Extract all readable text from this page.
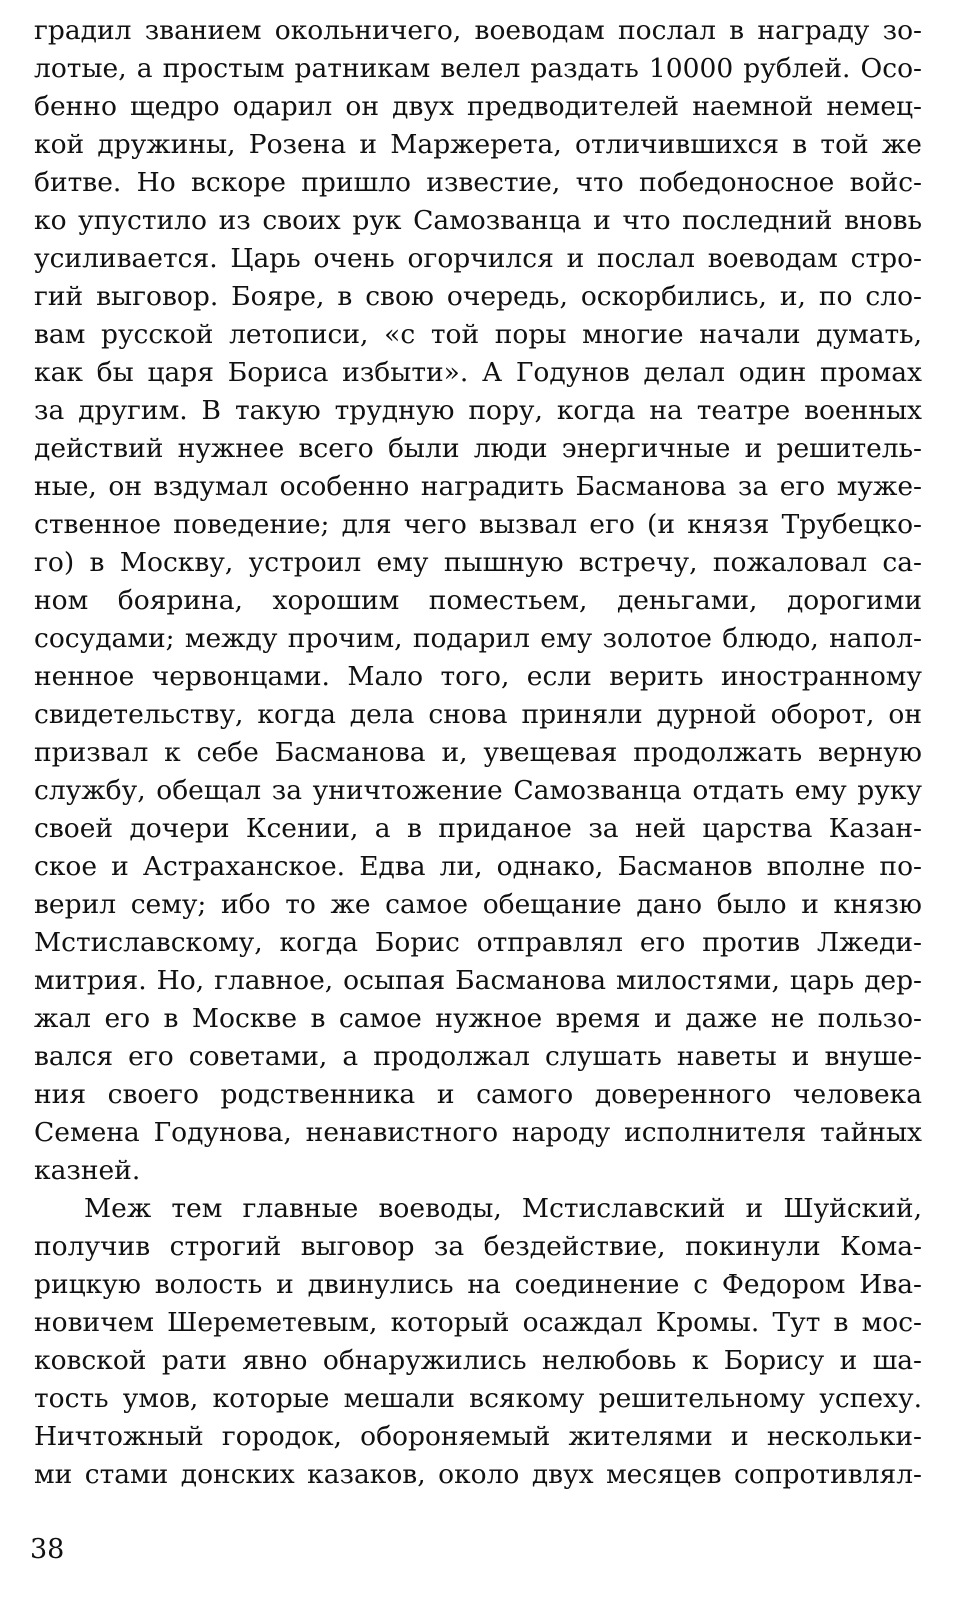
градил званием окольничего, воеводам послал в награду зо-
лотые, а простым ратникам велел раздать 10000 рублей. Осо-
бенно щедро одарил он двух предводителей наемной немец-
кой дружины, Розена и Маржерета, отличившихся в той же
битве. Но вскоре пришло известие, что победоносное войс-
ко упустило из своих рук Самозванца и что последний вновь
усиливается. Царь очень огорчился и послал воеводам стро-
гий выговор. Бояре, в свою очередь, оскорбились, и, по сло-
вам русской летописи, «с той поры многие начали думать,
как бы царя Бориса избыти». А Годунов делал один промах
за другим. В такую трудную пору, когда на театре военных
действий нужнее всего были люди энергичные и решитель-
ные, он вздумал особенно наградить Басманова за его муже-
ственное поведение; для чего вызвал его (и князя Трубецко-
го) в Москву, устроил ему пышную встречу, пожаловал са-
ном боярина, хорошим поместьем, деньгами, дорогими
сосудами; между прочим, подарил ему золотое блюдо, напол-
ненное червонцами. Мало того, если верить иностранному
свидетельству, когда дела снова приняли дурной оборот, он
призвал к себе Басманова и, увещевая продолжать верную
службу, обещал за уничтожение Самозванца отдать ему руку
своей дочери Ксении, а в приданое за ней царства Казан-
ское и Астраханское. Едва ли, однако, Басманов вполне по-
верил сему; ибо то же самое обещание дано было и князю
Мстиславскому, когда Борис отправлял его против Лжеди-
митрия. Но, главное, осыпая Басманова милостями, царь дер-
жал его в Москве в самое нужное время и даже не пользо-
вался его советами, а продолжал слушать наветы и внуше-
ния своего родственника и самого доверенного человека
Семена Годунова, ненавистного народу исполнителя тайных
казней.
Меж тем главные воеводы, Мстиславский и Шуйский,
получив строгий выговор за бездействие, покинули Кома-
рицкую волость и двинулись на соединение с Федором Ива-
новичем Шереметевым, который осаждал Кромы. Тут в мос-
ковской рати явно обнаружились нелюбовь к Борису и ша-
тость умов, которые мешали всякому решительному успеху.
Ничтожный городок, обороняемый жителями и нескольки-
ми стами донских казаков, около двух месяцев сопротивлял-
38
